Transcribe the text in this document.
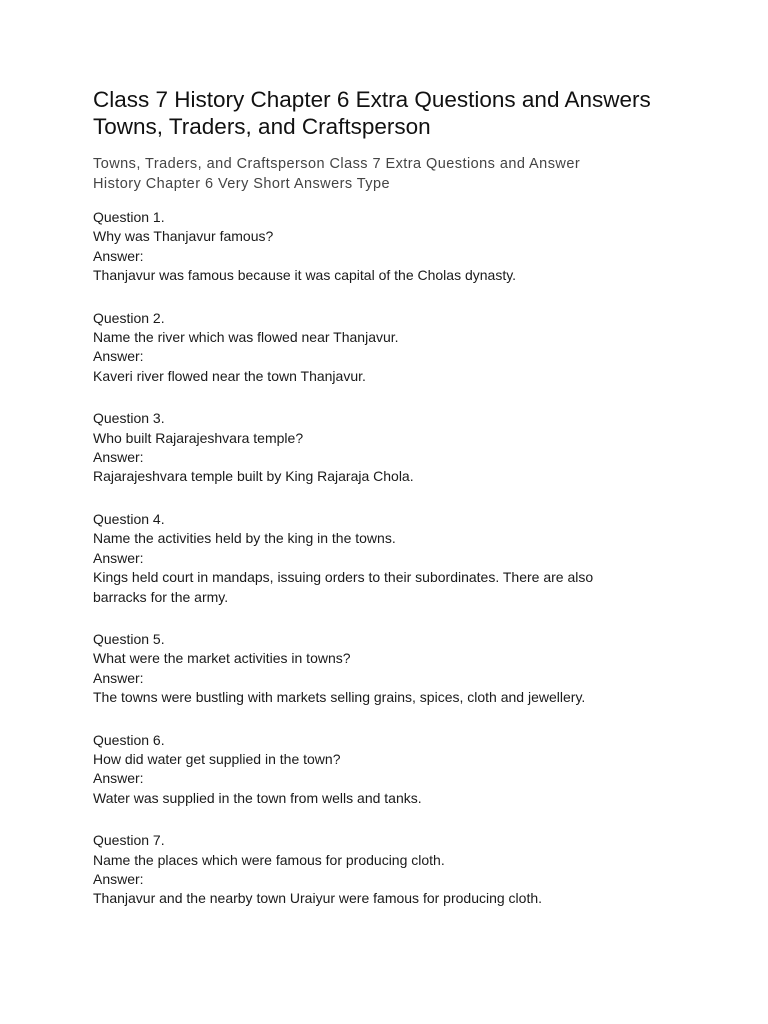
Class 7 History Chapter 6 Extra Questions and Answers
Towns, Traders, and Craftsperson
Towns, Traders, and Craftsperson Class 7 Extra Questions and Answer
History Chapter 6 Very Short Answers Type
Question 1.
Why was Thanjavur famous?
Answer:
Thanjavur was famous because it was capital of the Cholas dynasty.
Question 2.
Name the river which was flowed near Thanjavur.
Answer:
Kaveri river flowed near the town Thanjavur.
Question 3.
Who built Rajarajeshvara temple?
Answer:
Rajarajeshvara temple built by King Rajaraja Chola.
Question 4.
Name the activities held by the king in the towns.
Answer:
Kings held court in mandaps, issuing orders to their subordinates. There are also
barracks for the army.
Question 5.
What were the market activities in towns?
Answer:
The towns were bustling with markets selling grains, spices, cloth and jewellery.
Question 6.
How did water get supplied in the town?
Answer:
Water was supplied in the town from wells and tanks.
Question 7.
Name the places which were famous for producing cloth.
Answer:
Thanjavur and the nearby town Uraiyur were famous for producing cloth.
